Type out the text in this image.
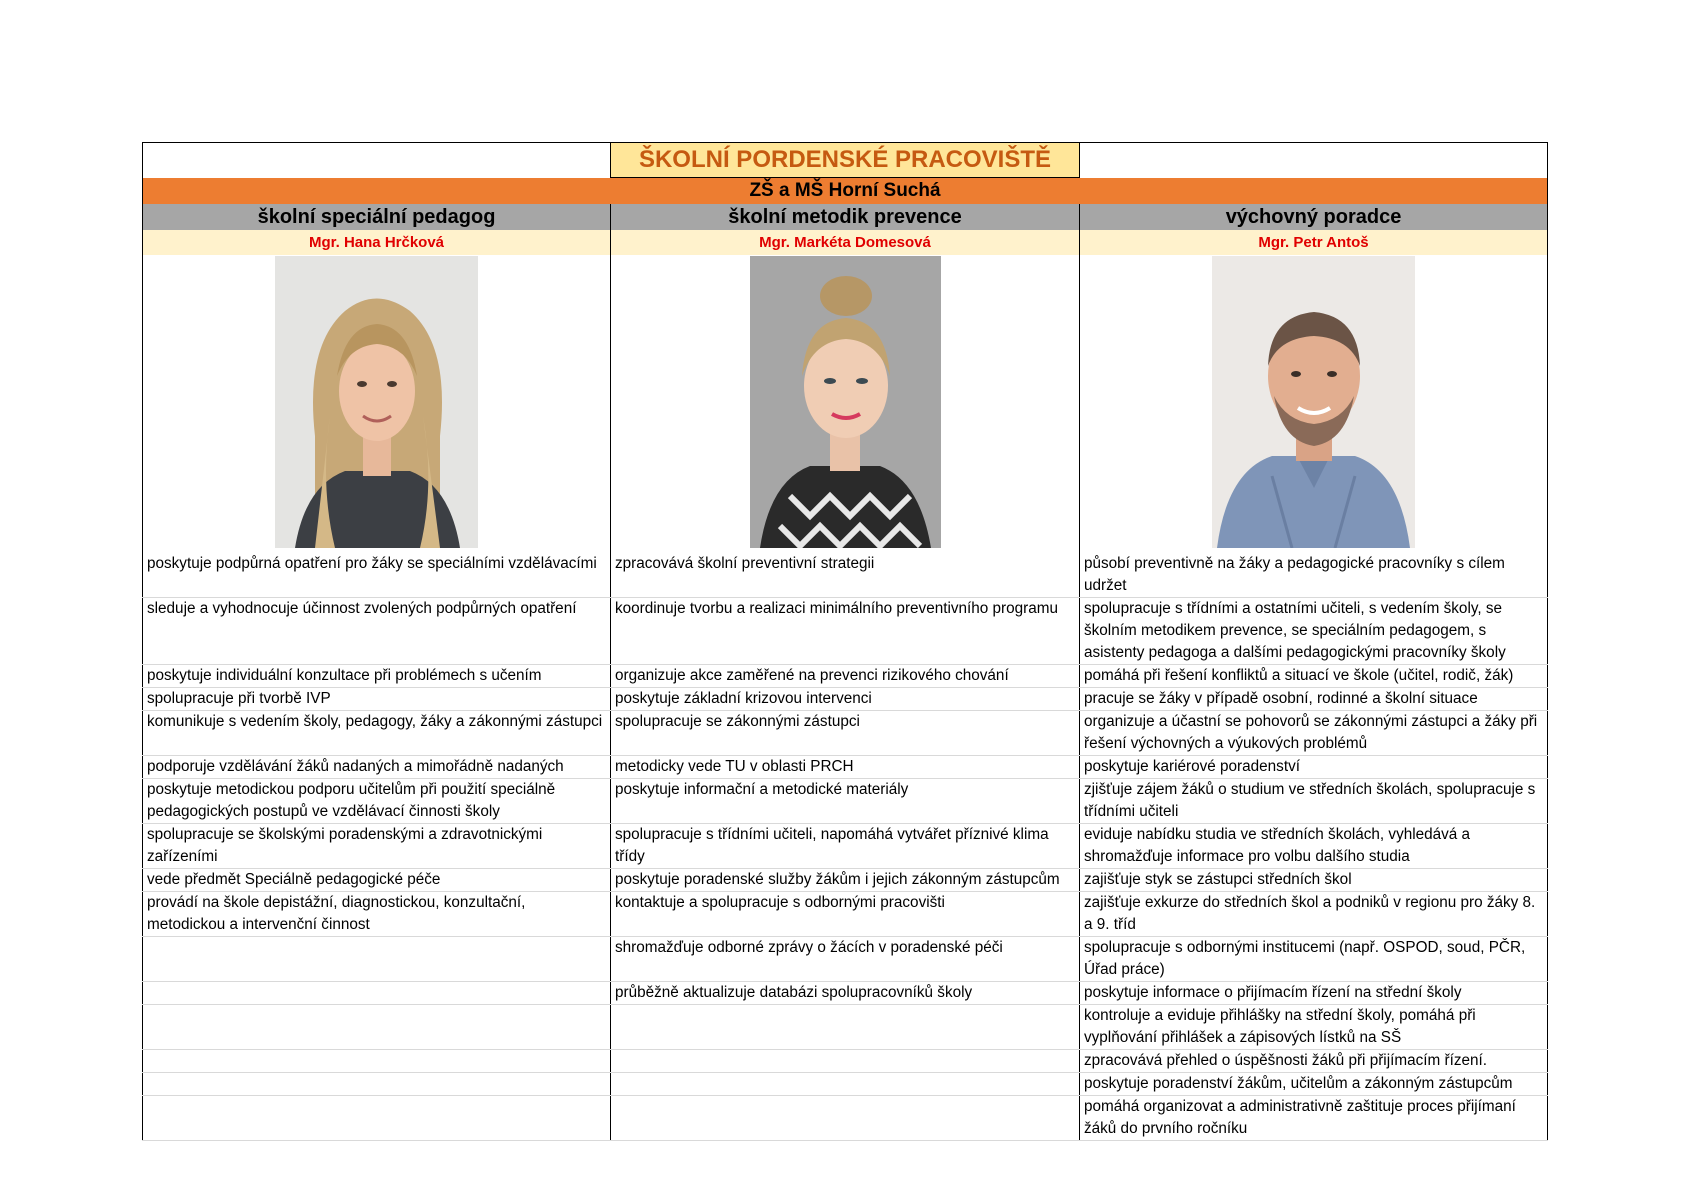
	ŠKOLNÍ PORDENSKÉ PRACOVIŠTĚ	
ZŠ a MŠ Horní Suchá		
školní speciální pedagog	školní metodik prevence	výchovný poradce
Mgr. Hana Hrčková	Mgr. Markéta Domesová	Mgr. Petr Antoš

poskytuje podpůrná opatření pro žáky se speciálními vzdělávacími	zpracovává školní preventivní strategii	působí preventivně na žáky a pedagogické pracovníky s cílem udržet

sleduje a vyhodnocuje účinnost zvolených podpůrných opatření	koordinuje tvorbu a realizaci minimálního preventivního programu	spolupracuje s třídními a ostatními učiteli, s vedením školy, se školním metodikem prevence, se speciálním pedagogem, s asistenty pedagoga a dalšími pedagogickými pracovníky školy

poskytuje individuální konzultace při problémech s učením	organizuje akce zaměřené na prevenci rizikového chování	pomáhá při řešení konfliktů a situací ve škole (učitel, rodič, žák)

spolupracuje při tvorbě IVP	poskytuje základní krizovou intervenci	pracuje se žáky v případě osobní, rodinné a školní situace

komunikuje s vedením školy, pedagogy, žáky a zákonnými zástupci	spolupracuje se zákonnými zástupci	organizuje a účastní se pohovorů se zákonnými zástupci a žáky při řešení výchovných a výukových problémů

podporuje vzdělávání žáků nadaných a mimořádně nadaných	metodicky vede TU v oblasti PRCH	poskytuje kariérové poradenství

poskytuje metodickou podporu učitelům při použití speciálně pedagogických postupů ve vzdělávací činnosti školy	poskytuje informační a metodické materiály	zjišťuje zájem žáků o studium ve středních školách, spolupracuje s třídními učiteli

spolupracuje se školskými poradenskými a zdravotnickými zařízeními	spolupracuje s třídními učiteli, napomáhá vytvářet příznivé klima třídy	eviduje nabídku studia ve středních školách, vyhledává a shromažďuje informace pro volbu dalšího studia

vede předmět Speciálně pedagogické péče	poskytuje poradenské služby žákům i jejich zákonným zástupcům	zajišťuje styk se zástupci středních škol

provádí na škole depistážní, diagnostickou, konzultační, metodickou a intervenční činnost	kontaktuje a spolupracuje s odbornými pracovišti	zajišťuje exkurze do středních škol a podniků v regionu pro žáky 8. a 9. tříd

	shromažďuje odborné zprávy o žácích v poradenské péči	spolupracuje s odbornými institucemi (např. OSPOD, soud, PČR, Úřad práce)

	průběžně aktualizuje databázi spolupracovníků školy	poskytuje informace o přijímacím řízení na střední školy

		kontroluje a eviduje přihlášky na střední školy, pomáhá při vyplňování přihlášek a zápisových lístků na SŠ

		zpracovává přehled o úspěšnosti žáků při přijímacím řízení.

		poskytuje poradenství žákům, učitelům a zákonným zástupcům

		pomáhá organizovat a administrativně zaštituje proces přijímaní žáků do prvního ročníku
